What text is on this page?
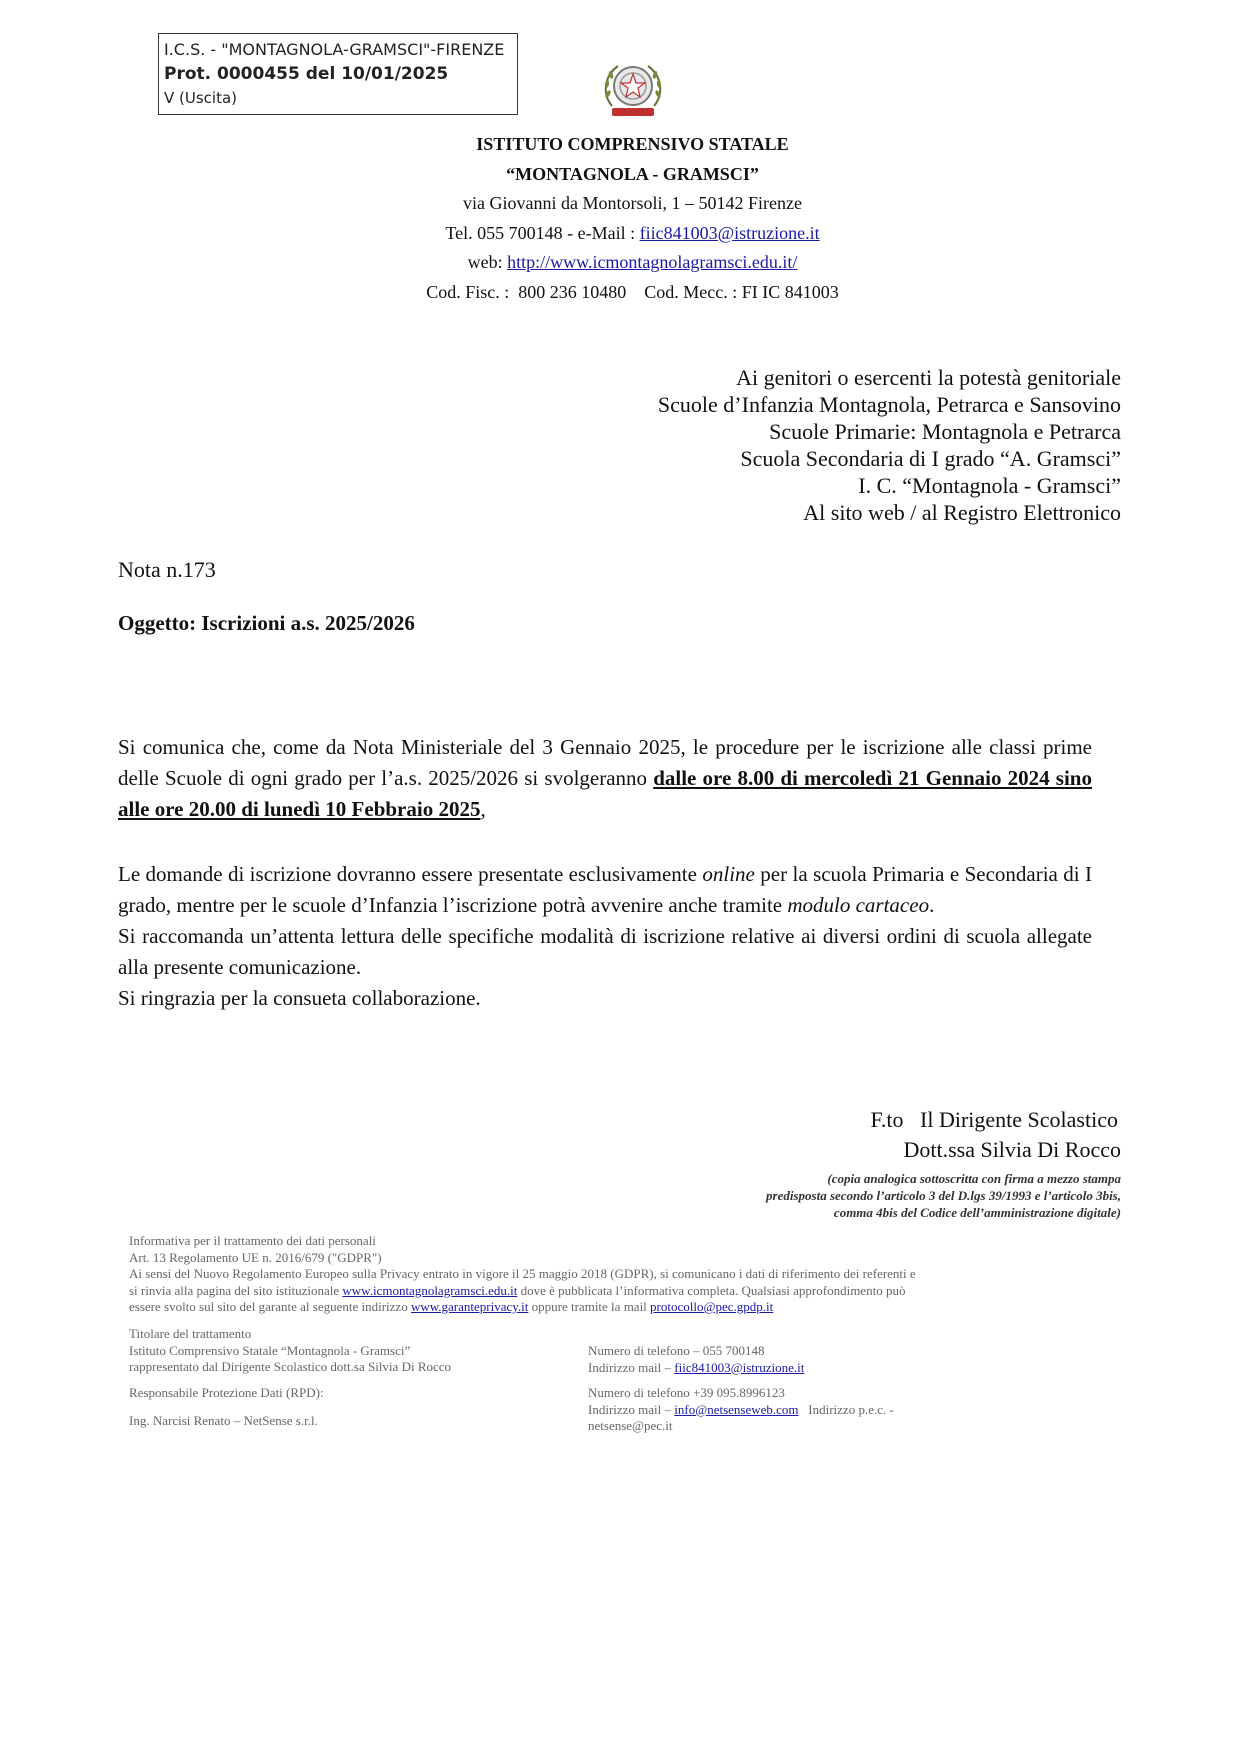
I.C.S. - "MONTAGNOLA-GRAMSCI"-FIRENZE
Prot. 0000455 del 10/01/2025
V (Uscita)
ISTITUTO COMPRENSIVO STATALE
“MONTAGNOLA - GRAMSCI”
via Giovanni da Montorsoli, 1 – 50142 Firenze
Tel. 055 700148 - e-Mail : fiic841003@istruzione.it
web: http://www.icmontagnolagramsci.edu.it/
Cod. Fisc. :  800 236 10480    Cod. Mecc. : FI IC 841003
Ai genitori o esercenti la potestà genitoriale
Scuole d’Infanzia Montagnola, Petrarca e Sansovino
Scuole Primarie: Montagnola e Petrarca
Scuola Secondaria di I grado “A. Gramsci”
I. C. “Montagnola - Gramsci”
Al sito web / al Registro Elettronico
Nota n.173
Oggetto: Iscrizioni a.s. 2025/2026
Si comunica che, come da Nota Ministeriale del 3 Gennaio 2025, le procedure per le iscrizione alle classi prime delle Scuole di ogni grado per l’a.s. 2025/2026 si svolgeranno dalle ore 8.00 di mercoledì 21 Gennaio 2024 sino alle ore 20.00 di lunedì 10 Febbraio 2025,
Le domande di iscrizione dovranno essere presentate esclusivamente online per la scuola Primaria e Secondaria di I grado, mentre per le scuole d’Infanzia l’iscrizione potrà avvenire anche tramite modulo cartaceo.
Si raccomanda un’attenta lettura delle specifiche modalità di iscrizione relative ai diversi ordini di scuola allegate alla presente comunicazione.
Si ringrazia per la consueta collaborazione.
F.to   Il Dirigente Scolastico
Dott.ssa Silvia Di Rocco
(copia analogica sottoscritta con firma a mezzo stampa
predisposta secondo l’articolo 3 del D.lgs 39/1993 e l’articolo 3bis,
comma 4bis del Codice dell’amministrazione digitale)
Informativa per il trattamento dei dati personali
Art. 13 Regolamento UE n. 2016/679 ("GDPR")
Ai sensi del Nuovo Regolamento Europeo sulla Privacy entrato in vigore il 25 maggio 2018 (GDPR), si comunicano i dati di riferimento dei referenti e
si rinvia alla pagina del sito istituzionale www.icmontagnolagramsci.edu.it dove è pubblicata l’informativa completa. Qualsiasi approfondimento può
essere svolto sul sito del garante al seguente indirizzo www.garanteprivacy.it oppure tramite la mail protocollo@pec.gpdp.it
Titolare del trattamento
Istituto Comprensivo Statale “Montagnola - Gramsci”
rappresentato dal Dirigente Scolastico dott.sa Silvia Di Rocco
Numero di telefono – 055 700148
Indirizzo mail – fiic841003@istruzione.it
Responsabile Protezione Dati (RPD):
Ing. Narcisi Renato – NetSense s.r.l.
Numero di telefono +39 095.8996123
Indirizzo mail – info@netsenseweb.com   Indirizzo p.e.c. -
netsense@pec.it
